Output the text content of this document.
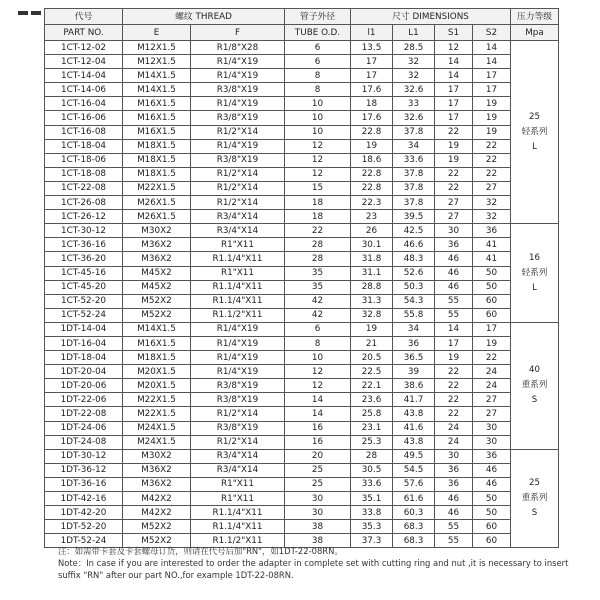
代号	螺纹 THREAD		管子外径	尺寸 DIMENSIONS				压力等级
PART NO.	E	F	TUBE O.D.	l1	L1	S1	S2	Mpa
1CT-12-02	M12X1.5	R1/8"X28	6	13.5	28.5	12	14	25
轻系列
L

1CT-12-04	M12X1.5	R1/4"X19	6	17	32	14	14	
1CT-14-04	M14X1.5	R1/4"X19	8	17	32	14	17	
1CT-14-06	M14X1.5	R3/8"X19	8	17.6	32.6	17	17	
1CT-16-04	M16X1.5	R1/4"X19	10	18	33	17	19	
1CT-16-06	M16X1.5	R3/8"X19	10	17.6	32.6	17	19	
1CT-16-08	M16X1.5	R1/2"X14	10	22.8	37.8	22	19	
1CT-18-04	M18X1.5	R1/4"X19	12	19	34	19	22	
1CT-18-06	M18X1.5	R3/8"X19	12	18.6	33.6	19	22	
1CT-18-08	M18X1.5	R1/2"X14	12	22.8	37.8	22	22	
1CT-22-08	M22X1.5	R1/2"X14	15	22.8	37.8	22	27	
1CT-26-08	M26X1.5	R1/2"X14	18	22.3	37.8	27	32	
1CT-26-12	M26X1.5	R3/4"X14	18	23	39.5	27	32	
1CT-30-12	M30X2	R3/4"X14	22	26	42.5	30	36	16
轻系列
L

1CT-36-16	M36X2	R1"X11	28	30.1	46.6	36	41	
1CT-36-20	M36X2	R1.1/4"X11	28	31.8	48.3	46	41	
1CT-45-16	M45X2	R1"X11	35	31.1	52.6	46	50	
1CT-45-20	M45X2	R1.1/4"X11	35	28.8	50.3	46	50	
1CT-52-20	M52X2	R1.1/4"X11	42	31.3	54.3	55	60	
1CT-52-24	M52X2	R1.1/2"X11	42	32.8	55.8	55	60	
1DT-14-04	M14X1.5	R1/4"X19	6	19	34	14	17	40
重系列
S

1DT-16-04	M16X1.5	R1/4"X19	8	21	36	17	19	
1DT-18-04	M18X1.5	R1/4"X19	10	20.5	36.5	19	22	
1DT-20-04	M20X1.5	R1/4"X19	12	22.5	39	22	24	
1DT-20-06	M20X1.5	R3/8"X19	12	22.1	38.6	22	24	
1DT-22-06	M22X1.5	R3/8"X19	14	23.6	41.7	22	27	
1DT-22-08	M22X1.5	R1/2"X14	14	25.8	43.8	22	27	
1DT-24-06	M24X1.5	R3/8"X19	16	23.1	41.6	24	30	
1DT-24-08	M24X1.5	R1/2"X14	16	25.3	43.8	24	30	
1DT-30-12	M30X2	R3/4"X14	20	28	49.5	30	36	25
重系列
S

1DT-36-12	M36X2	R3/4"X14	25	30.5	54.5	36	46	
1DT-36-16	M36X2	R1"X11	25	33.6	57.6	36	46	
1DT-42-16	M42X2	R1"X11	30	35.1	61.6	46	50	
1DT-42-20	M42X2	R1.1/4"X11	30	33.8	60.3	46	50	
1DT-52-20	M52X2	R1.1/4"X11	38	35.3	68.3	55	60	
1DT-52-24	M52X2	R1.1/2"X11	38	37.3	68.3	55	60	
注：如需带卡套及卡套螺母订货，则请在代号后加"RN"，如1DT-22-08RN。
Note：In case if you are interested to order the adapter in complete set with cutting ring and nut ,it is necessary to insert suffix "RN" after our part NO.,for example 1DT-22-08RN.
